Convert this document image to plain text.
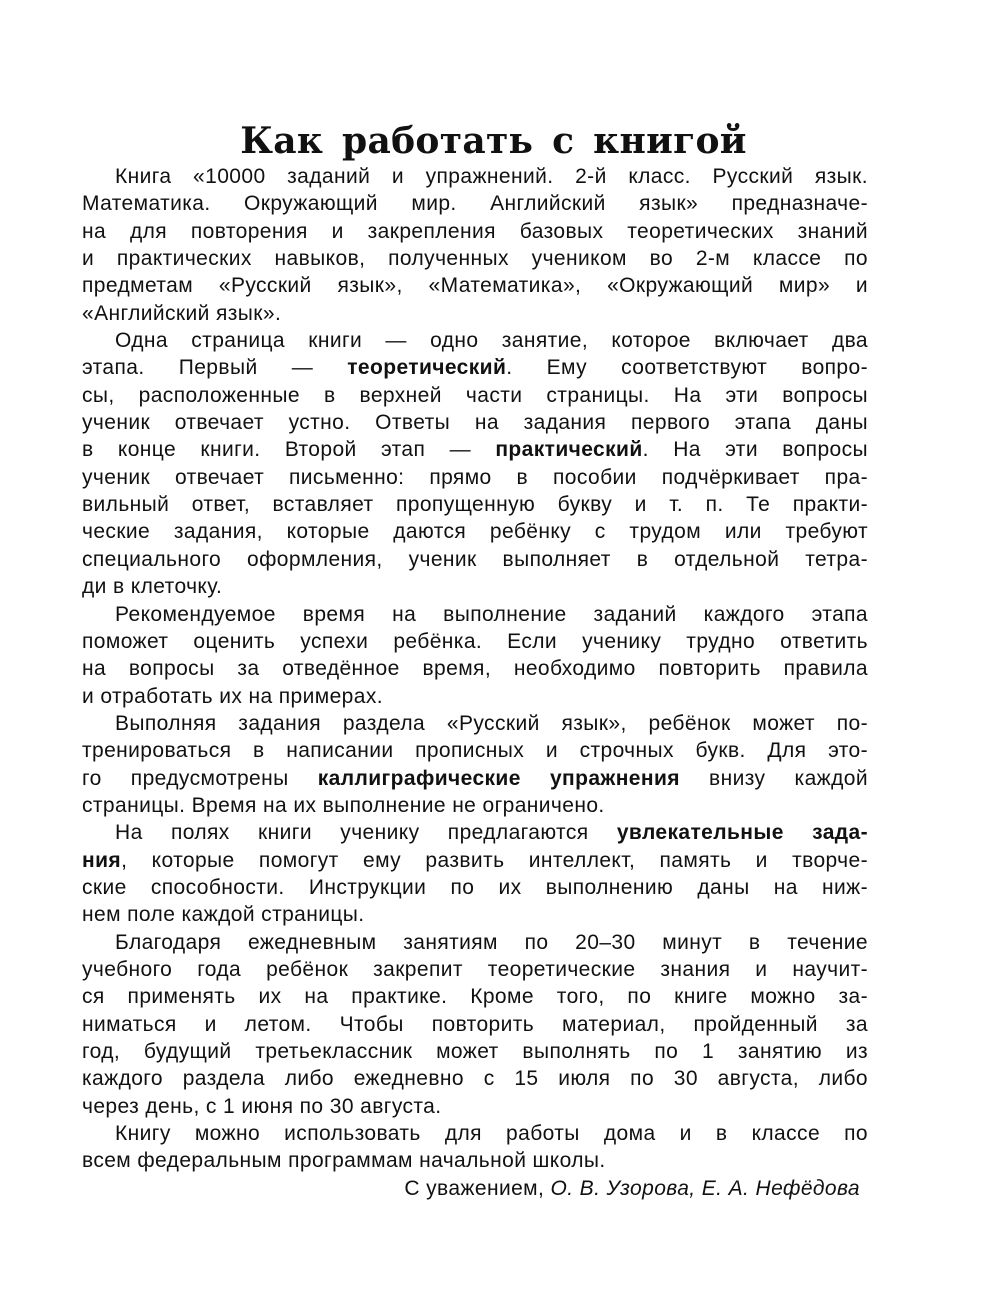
Как работать с книгой
Книга «10000 заданий и упражнений. 2-й класс. Русский язык.
Математика. Окружающий мир. Английский язык» предназначе-
на для повторения и закрепления базовых теоретических знаний
и практических навыков, полученных учеником во 2-м классе по
предметам «Русский язык», «Математика», «Окружающий мир» и
«Английский язык».
Одна страница книги — одно занятие, которое включает два
этапа. Первый — теоретический. Ему соответствуют вопро-
сы, расположенные в верхней части страницы. На эти вопросы
ученик отвечает устно. Ответы на задания первого этапа даны
в конце книги. Второй этап — практический. На эти вопросы
ученик отвечает письменно: прямо в пособии подчёркивает пра-
вильный ответ, вставляет пропущенную букву и т. п. Те практи-
ческие задания, которые даются ребёнку с трудом или требуют
специального оформления, ученик выполняет в отдельной тетра-
ди в клеточку.
Рекомендуемое время на выполнение заданий каждого этапа
поможет оценить успехи ребёнка. Если ученику трудно ответить
на вопросы за отведённое время, необходимо повторить правила
и отработать их на примерах.
Выполняя задания раздела «Русский язык», ребёнок может по-
тренироваться в написании прописных и строчных букв. Для это-
го предусмотрены каллиграфические упражнения внизу каждой
страницы. Время на их выполнение не ограничено.
На полях книги ученику предлагаются увлекательные зада-
ния, которые помогут ему развить интеллект, память и творче-
ские способности. Инструкции по их выполнению даны на ниж-
нем поле каждой страницы.
Благодаря ежедневным занятиям по 20–30 минут в течение
учебного года ребёнок закрепит теоретические знания и научит-
ся применять их на практике. Кроме того, по книге можно за-
ниматься и летом. Чтобы повторить материал, пройденный за
год, будущий третьеклассник может выполнять по 1 занятию из
каждого раздела либо ежедневно с 15 июля по 30 августа, либо
через день, с 1 июня по 30 августа.
Книгу можно использовать для работы дома и в классе по
всем федеральным программам начальной школы.
С уважением, О. В. Узорова, Е. А. Нефёдова
